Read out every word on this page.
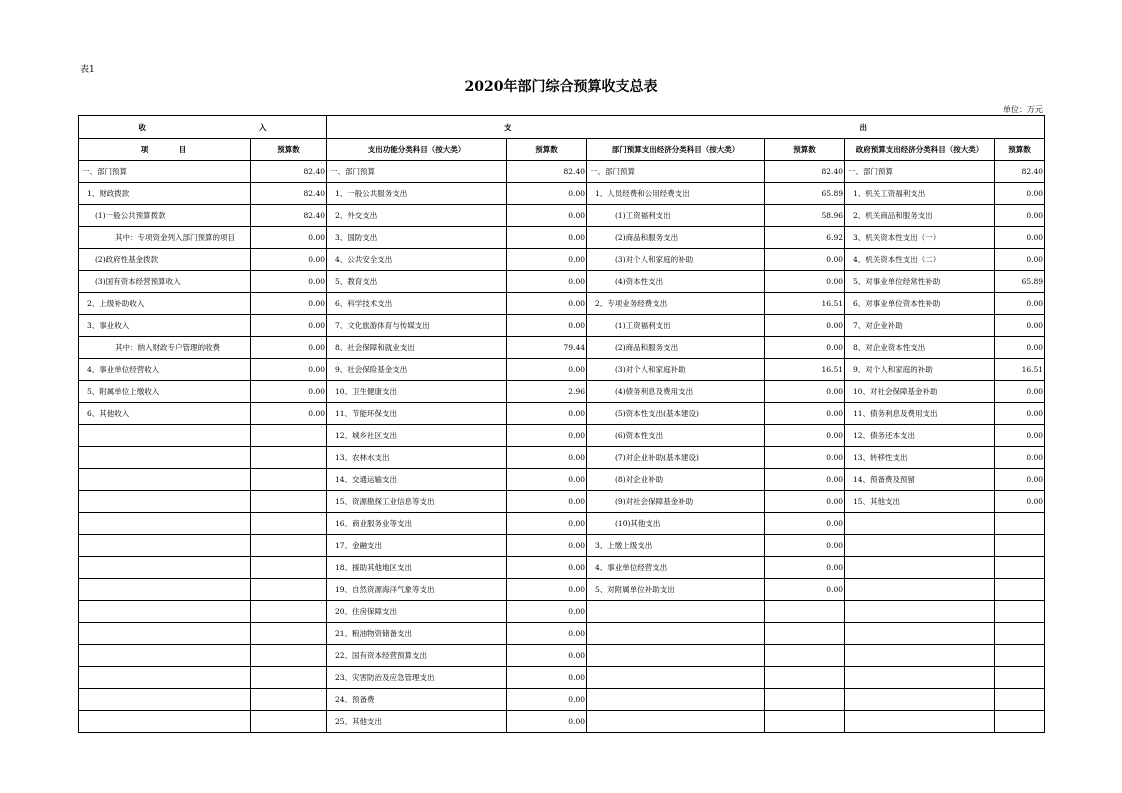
表1
2020年部门综合预算收支总表
单位：万元
收 入		支 出					

项　　　目	预算数	支出功能分类科目（按大类）	预算数	部门预算支出经济分类科目（按大类）	预算数	政府预算支出经济分类科目（按大类）	预算数
一、部门预算	82.40	一、部门预算	82.40	一、部门预算	82.40	一、部门预算	82.40
1、财政拨款	82.40	1、一般公共服务支出	0.00	1、人员经费和公用经费支出	65.89	1、机关工资福利支出	0.00
(1)一般公共预算拨款	82.40	2、外交支出	0.00	(1)工资福利支出	58.96	2、机关商品和服务支出	0.00
其中：专项资金列入部门预算的项目	0.00	3、国防支出	0.00	(2)商品和服务支出	6.92	3、机关资本性支出（一）	0.00
(2)政府性基金拨款	0.00	4、公共安全支出	0.00	(3)对个人和家庭的补助	0.00	4、机关资本性支出（二）	0.00
(3)国有资本经营预算收入	0.00	5、教育支出	0.00	(4)资本性支出	0.00	5、对事业单位经常性补助	65.89
2、上级补助收入	0.00	6、科学技术支出	0.00	2、专项业务经费支出	16.51	6、对事业单位资本性补助	0.00
3、事业收入	0.00	7、文化旅游体育与传媒支出	0.00	(1)工资福利支出	0.00	7、对企业补助	0.00
其中：纳入财政专户管理的收费	0.00	8、社会保障和就业支出	79.44	(2)商品和服务支出	0.00	8、对企业资本性支出	0.00
4、事业单位经营收入	0.00	9、社会保险基金支出	0.00	(3)对个人和家庭补助	16.51	9、对个人和家庭的补助	16.51
5、附属单位上缴收入	0.00	10、卫生健康支出	2.96	(4)债务利息及费用支出	0.00	10、对社会保障基金补助	0.00
6、其他收入	0.00	11、节能环保支出	0.00	(5)资本性支出(基本建设)	0.00	11、债务利息及费用支出	0.00
		12、城乡社区支出	0.00	(6)资本性支出	0.00	12、债务还本支出	0.00
		13、农林水支出	0.00	(7)对企业补助(基本建设)	0.00	13、转移性支出	0.00
		14、交通运输支出	0.00	(8)对企业补助	0.00	14、预备费及预留	0.00
		15、资源勘探工业信息等支出	0.00	(9)对社会保障基金补助	0.00	15、其他支出	0.00
		16、商业服务业等支出	0.00	(10)其他支出	0.00		
		17、金融支出	0.00	3、上缴上级支出	0.00		
		18、援助其他地区支出	0.00	4、事业单位经营支出	0.00		
		19、自然资源海洋气象等支出	0.00	5、对附属单位补助支出	0.00		
		20、住房保障支出	0.00				
		21、粮油物资储备支出	0.00				
		22、国有资本经营预算支出	0.00				
		23、灾害防治及应急管理支出	0.00				
		24、预备费	0.00				
		25、其他支出	0.00				
